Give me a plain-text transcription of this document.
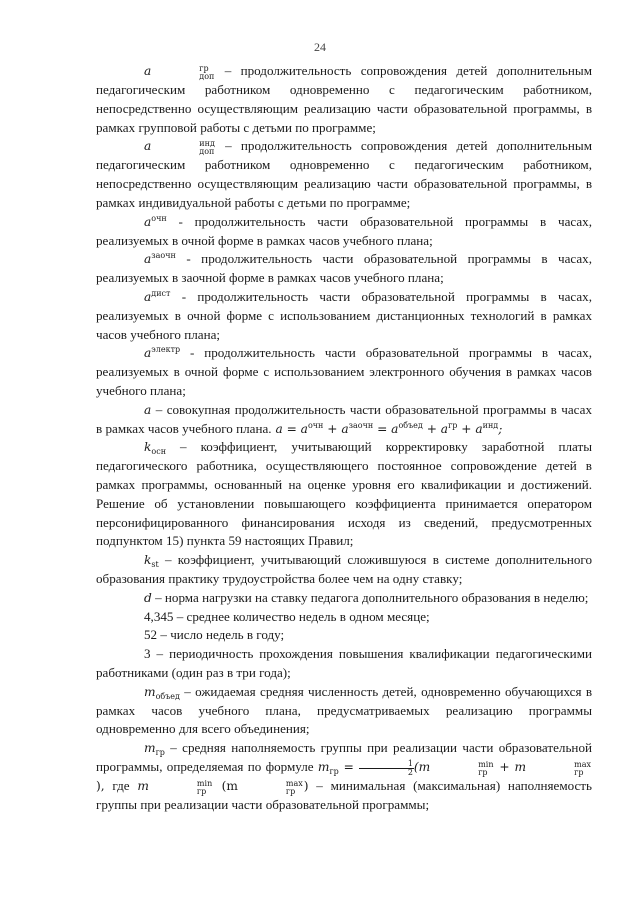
24

a	гр
доп – продолжительность сопровождения детей дополнительным педагогическим работником одновременно с педагогическим работником, непосредственно осуществляющим реализацию части образовательной программы, в рамках групповой работы с детьми по программе;

a	инд
доп – продолжительность сопровождения детей дополнительным педагогическим работником одновременно с педагогическим работником, непосредственно осуществляющим реализацию части образовательной программы, в рамках индивидуальной работы с детьми по программе;

$a^{очн}$ - продолжительность части образовательной программы в часах, реализуемых в очной форме в рамках часов учебного плана;

$a^{заочн}$ - продолжительность части образовательной программы в часах, реализуемых в заочной форме в рамках часов учебного плана;

$a^{дист}$ - продолжительность части образовательной программы в часах, реализуемых в очной форме с использованием дистанционных технологий в рамках часов учебного плана;

$a^{электр}$ - продолжительность части образовательной программы в часах, реализуемых в очной форме с использованием электронного обучения в рамках часов учебного плана;

a – совокупная продолжительность части образовательной программы в часах в рамках часов учебного плана. $a = a^{очн} + a^{заочн} = a^{объед} + a^{гр} + a^{инд}$;

$k_{осн}$ – коэффициент, учитывающий корректировку заработной платы педагогического работника, осуществляющего постоянное сопровождение детей в рамках программы, основанный на оценке уровня его квалификации и достижений. Решение об установлении повышающего коэффициента принимается оператором персонифицированного финансирования исходя из сведений, предусмотренных подпунктом 15) пункта 59 настоящих Правил;

$k_{st}$ – коэффициент, учитывающий сложившуюся в системе дополнительного образования практику трудоустройства более чем на одну ставку;

d – норма нагрузки на ставку педагога дополнительного образования в неделю;

4,345 – среднее количество недель в одном месяце;

52 – число недель в году;

3 – периодичность прохождения повышения квалификации педагогическими работниками (один раз в три года);

$m_{объед}$ – ожидаемая средняя численность детей, одновременно обучающихся в рамках часов учебного плана, предусматриваемых реализацию программы одновременно для всего объединения;

$m_{гр}$ – средняя наполняемость группы при реализации части образовательной программы, определяемая по формуле $m_{гр} = \frac{1}{2} (m$	min
гр + m	max
гр
), где m	min
гр (m	max
гр ) – минимальная (максимальная) наполняемость группы при реализации части образовательной программы;
